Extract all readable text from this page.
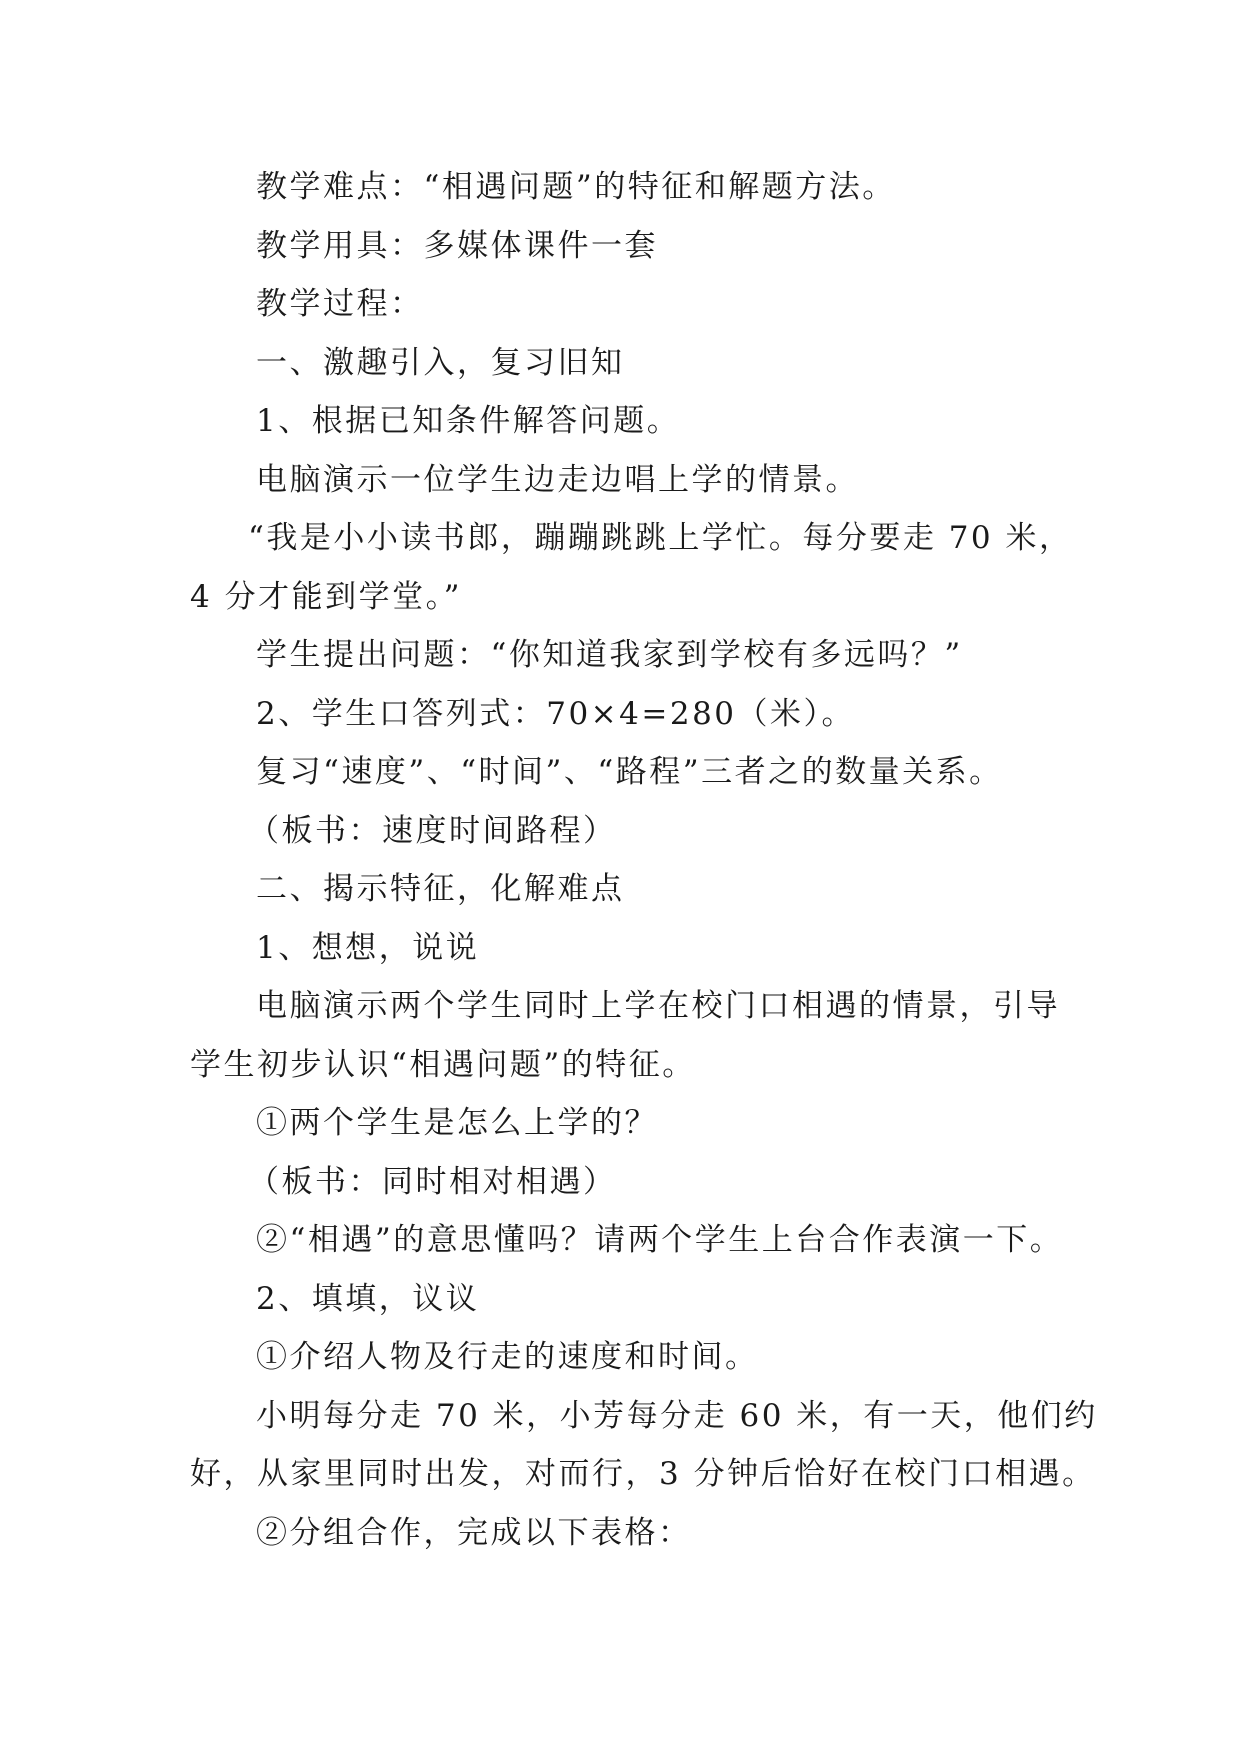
教学难点：“相遇问题”的特征和解题方法。

教学用具：多媒体课件一套

教学过程：

一、激趣引入，复习旧知

1、根据已知条件解答问题。

电脑演示一位学生边走边唱上学的情景。

“我是小小读书郎，蹦蹦跳跳上学忙。每分要走 70 米，

4 分才能到学堂。”

学生提出问题：“你知道我家到学校有多远吗？”

2、学生口答列式：70×4=280（米）。

复习“速度”、“时间”、“路程”三者之的数量关系。

（板书：速度时间路程）

二、揭示特征，化解难点

1、想想，说说

电脑演示两个学生同时上学在校门口相遇的情景，引导

学生初步认识“相遇问题”的特征。

①两个学生是怎么上学的？

（板书：同时相对相遇）

②“相遇”的意思懂吗？请两个学生上台合作表演一下。

2、填填，议议

①介绍人物及行走的速度和时间。

小明每分走 70 米，小芳每分走 60 米，有一天，他们约

好，从家里同时出发，对而行，3 分钟后恰好在校门口相遇。

②分组合作，完成以下表格：
